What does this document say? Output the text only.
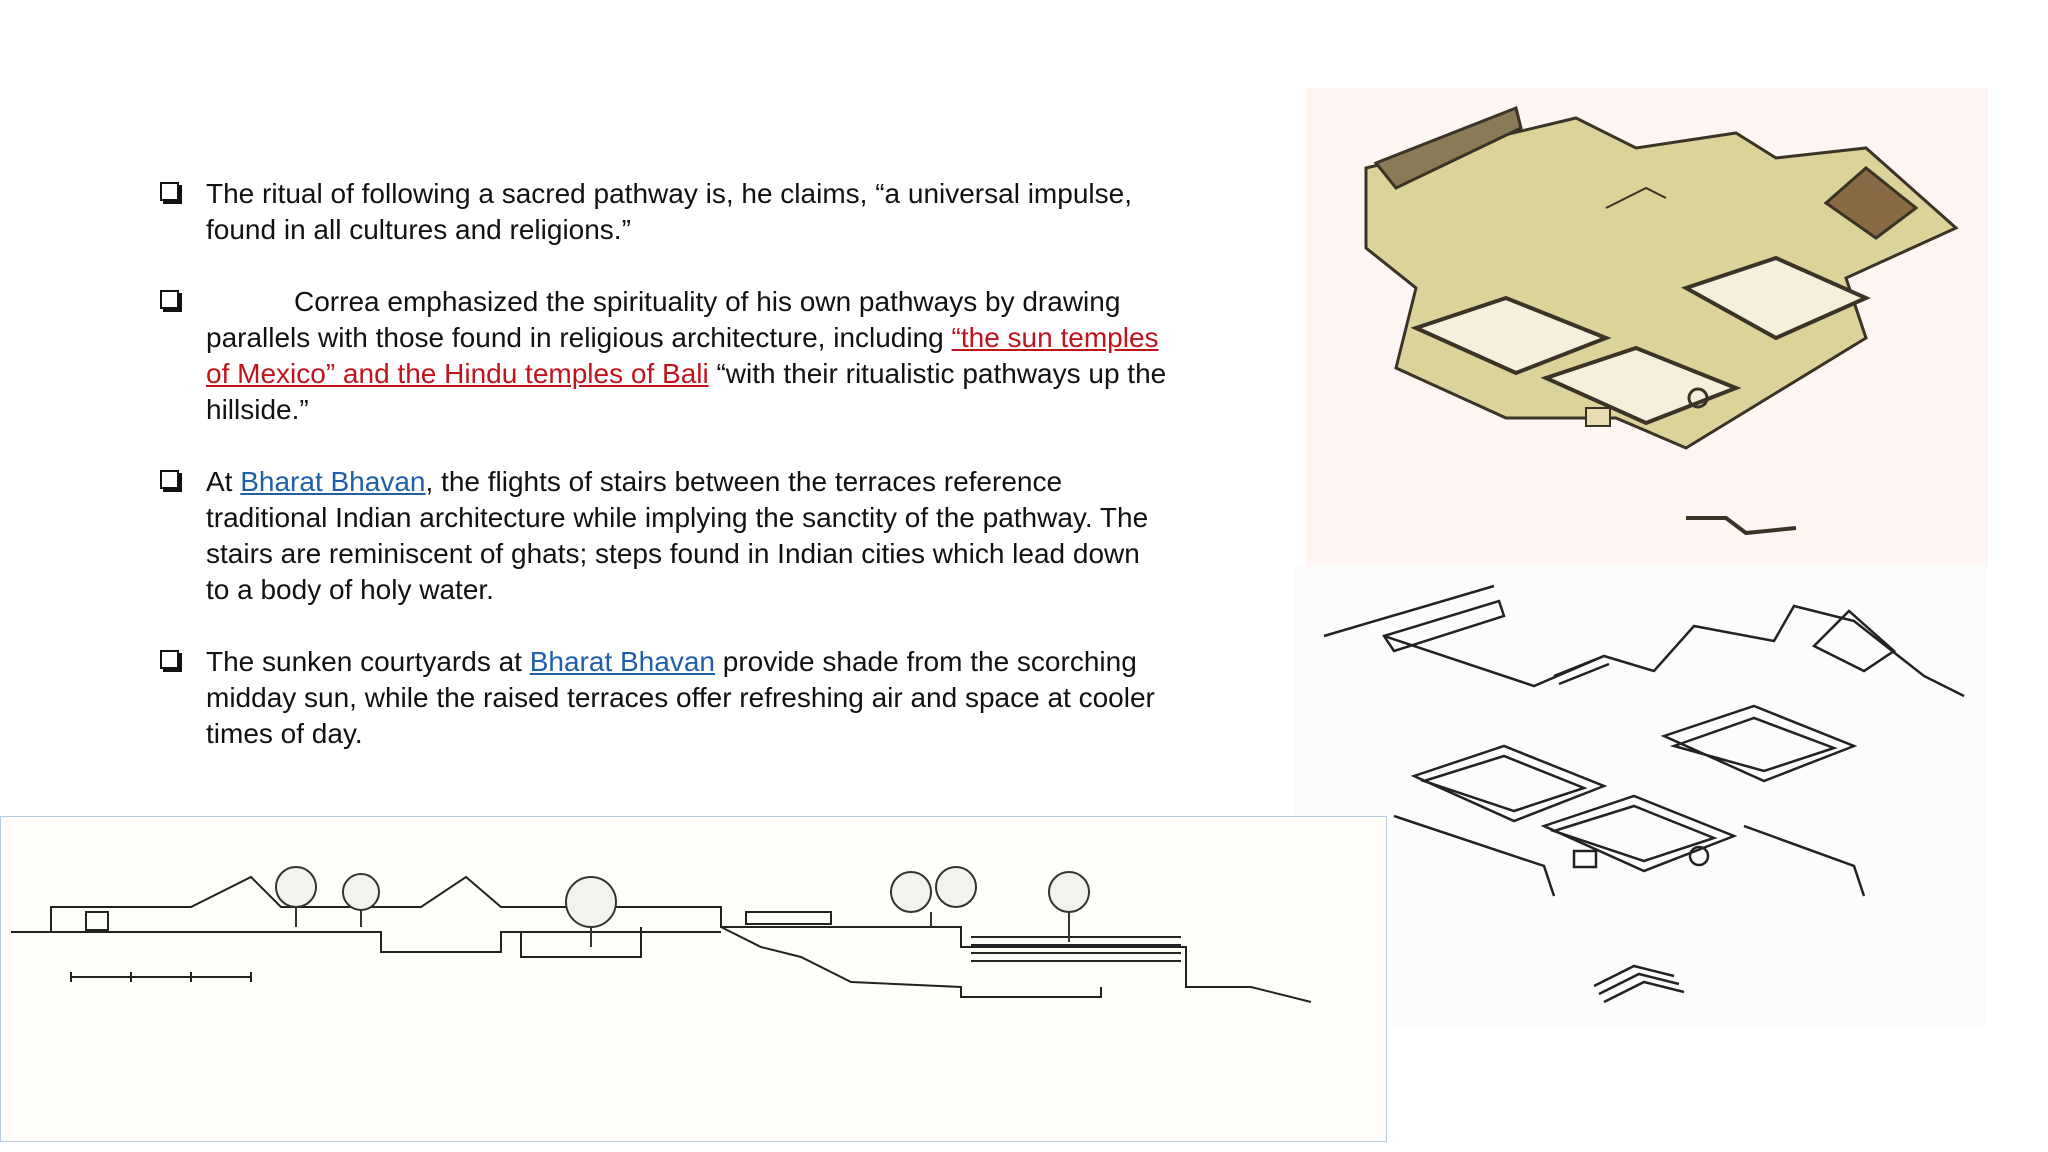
The ritual of following a sacred pathway is, he claims, “a universal impulse, found in all cultures and religions.”
Correa emphasized the spirituality of his own pathways by drawing parallels with those found in religious architecture, including “the sun temples of Mexico” and the Hindu temples of Bali “with their ritualistic pathways up the hillside.”
At Bharat Bhavan, the flights of stairs between the terraces reference traditional Indian architecture while implying the sanctity of the pathway. The stairs are reminiscent of ghats; steps found in Indian cities which lead down to a body of holy water.
The sunken courtyards at Bharat Bhavan provide shade from the scorching midday sun, while the raised terraces offer refreshing air and space at cooler times of day.
